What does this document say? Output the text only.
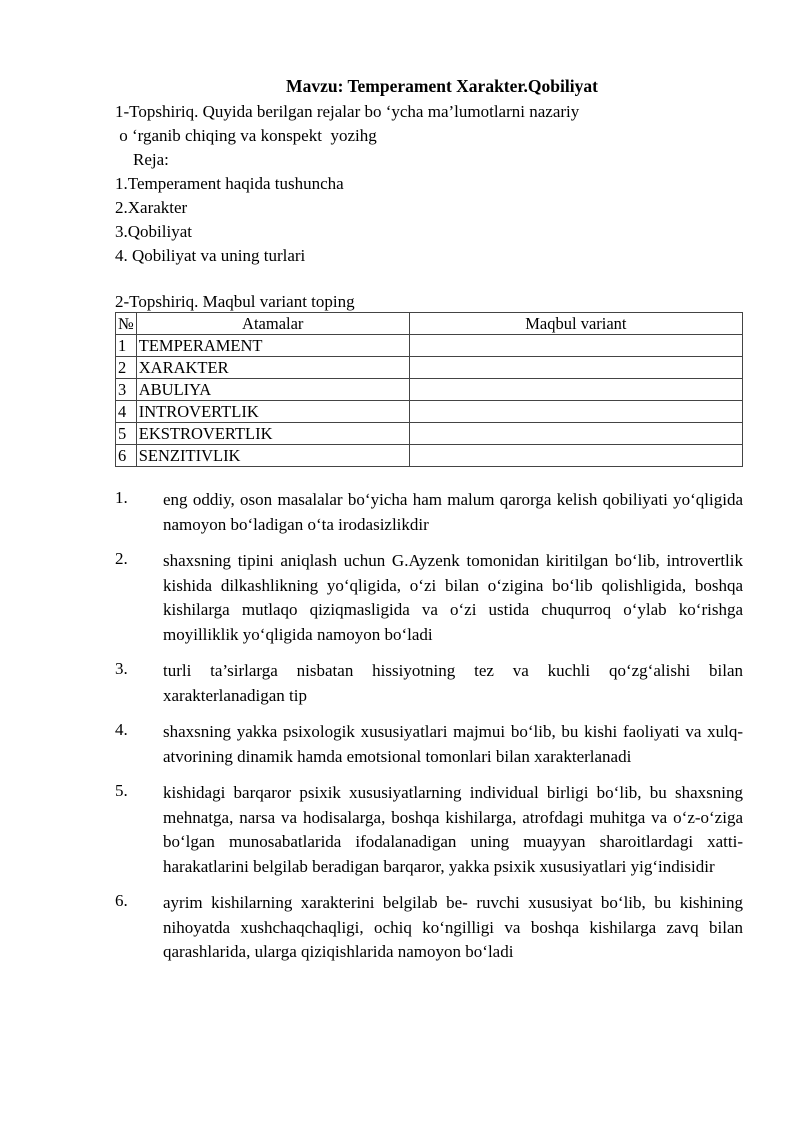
Mavzu: Temperament Xarakter.Qobiliyat
1-Topshiriq. Quyida berilgan rejalar bo ‘ycha ma’lumotlarni nazariy
o ‘rganib chiqing va konspekt  yozihg
Reja:
1.Temperament haqida tushuncha
2.Xarakter
3.Qobiliyat
4. Qobiliyat va uning turlari
2-Topshiriq. Maqbul variant toping
№	Atamalar	Maqbul variant
1	TEMPERAMENT	
2	XARAKTER	
3	ABULIYA	
4	INTROVERTLIK	
5	EKSTROVERTLIK	
6	SENZITIVLIK	
1. eng oddiy, oson masalalar bo‘yicha ham malum qarorga kelish qobiliyati yo‘qligida namoyon bo‘ladigan o‘ta irodasizlikdir
2. shaxsning tipini aniqlash uchun G.Ayzenk tomonidan kiritilgan bo‘lib, introvertlik kishida dilkashlikning yo‘qligida, o‘zi bilan o‘zigina bo‘lib qolishligida, boshqa kishilarga mutlaqo qiziqmasligida va o‘zi ustida chuqurroq o‘ylab ko‘rishga moyilliklik yo‘qligida namoyon bo‘ladi
3. turli ta’sirlarga nisbatan hissiyotning tez va kuchli qo‘zg‘alishi bilan xarakterlanadigan tip
4. shaxsning yakka psixologik xususiyatlari majmui bo‘lib, bu kishi faoliyati va xulq-atvorining dinamik hamda emotsional tomonlari bilan xarakterlanadi
5. kishidagi barqaror psixik xususiyatlarning individual birligi bo‘lib, bu shaxsning mehnatga, narsa va hodisalarga, boshqa kishilarga, atrofdagi muhitga va o‘z-o‘ziga bo‘lgan munosabatlarida ifodalanadigan uning muayyan sharoitlardagi xatti-harakatlarini belgilab beradigan barqaror, yakka psixik xususiyatlari yig‘indisidir
6. ayrim kishilarning xarakterini belgilab be- ruvchi xususiyat bo‘lib, bu kishining nihoyatda xushchaqchaqligi, ochiq ko‘ngilligi va boshqa kishilarga zavq bilan qarashlarida, ularga qiziqishlarida namoyon bo‘ladi
